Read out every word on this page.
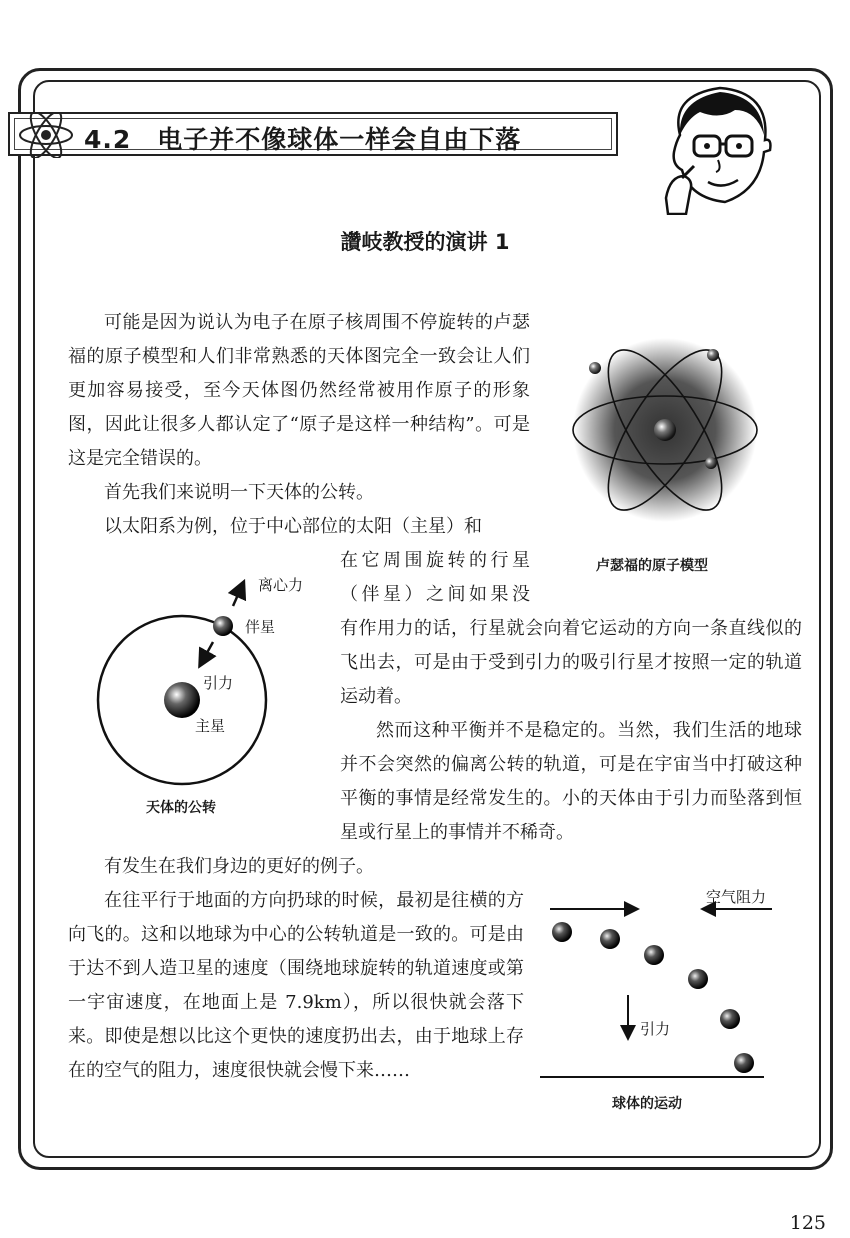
4.2　电子并不像球体一样会自由下落
讚岐教授的演讲 1

可能是因为说认为电子在原子核周围不停旋转的卢瑟福的原子模型和人们非常熟悉的天体图完全一致会让人们更加容易接受，至今天体图仍然经常被用作原子的形象图，因此让很多人都认定了“原子是这样一种结构”。可是这是完全错误的。

首先我们来说明一下天体的公转。

以太阳系为例，位于中心部位的太阳（主星）和

在它周围旋转的行星（伴星）之间如果没

有作用力的话，行星就会向着它运动的方向一条直线似的飞出去，可是由于受到引力的吸引行星才按照一定的轨道运动着。

然而这种平衡并不是稳定的。当然，我们生活的地球并不会突然的偏离公转的轨道，可是在宇宙当中打破这种平衡的事情是经常发生的。小的天体由于引力而坠落到恒星或行星上的事情并不稀奇。

有发生在我们身边的更好的例子。

在往平行于地面的方向扔球的时候，最初是往横的方向飞的。这和以地球为中心的公转轨道是一致的。可是由于达不到人造卫星的速度（围绕地球旋转的轨道速度或第一宇宙速度，在地面上是 7.9km），所以很快就会落下来。即使是想以比这个更快的速度扔出去，由于地球上存在的空气的阻力，速度很快就会慢下来……

卢瑟福的原子模型
离心力
伴星
引力
主星
天体的公转
空气阻力
引力
球体的运动
125
